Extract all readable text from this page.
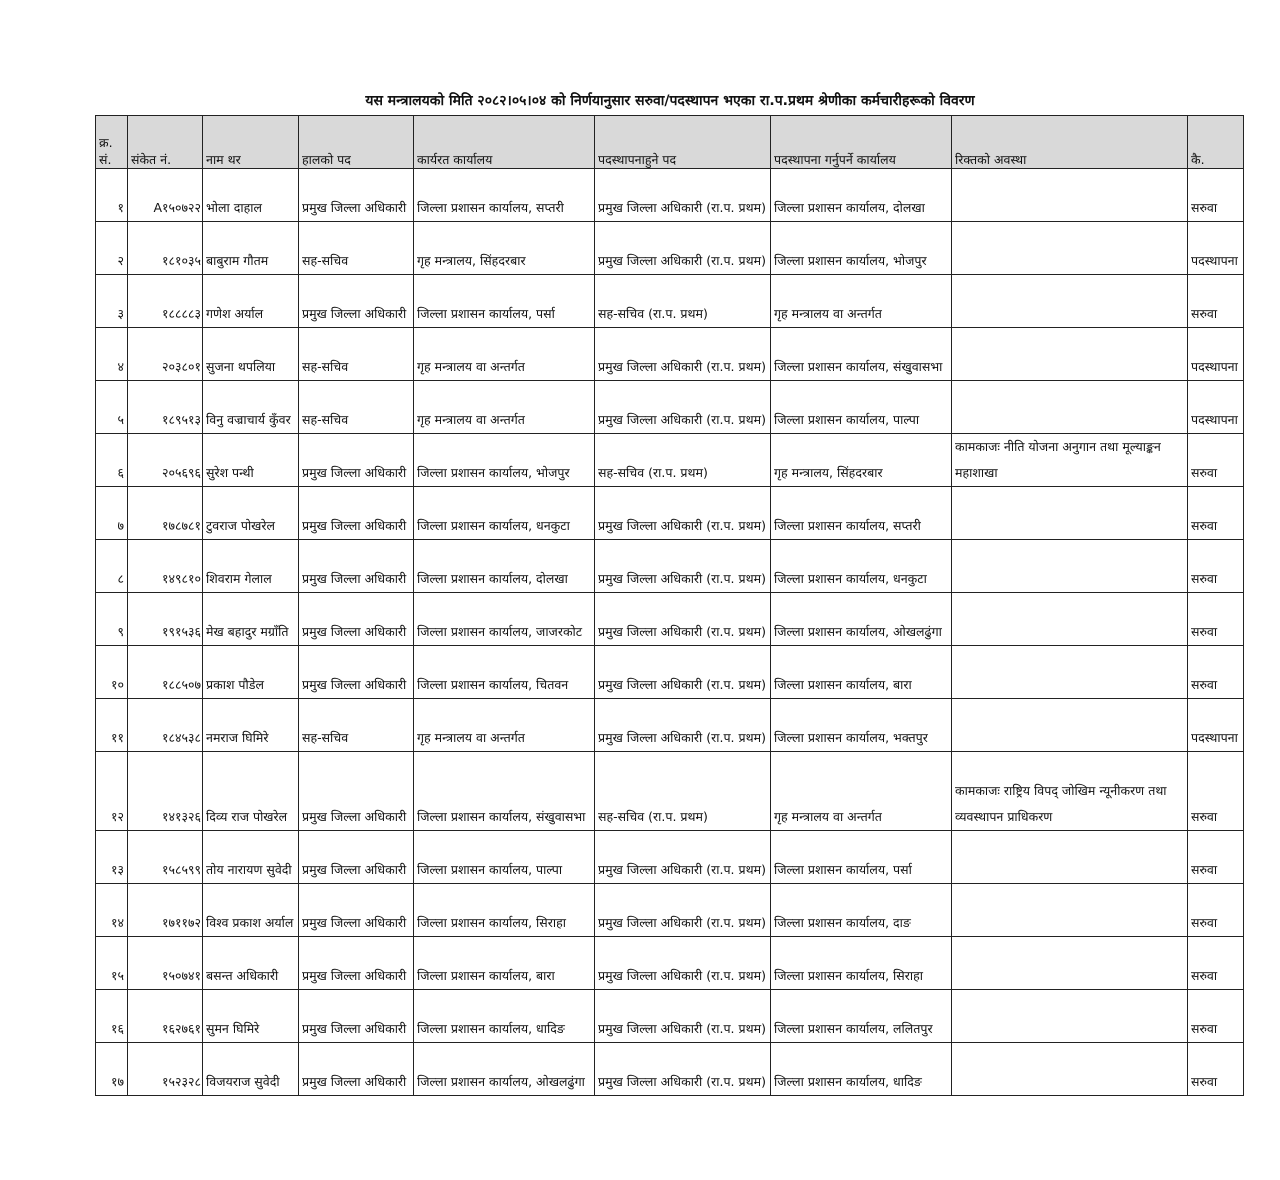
यस मन्त्रालयको मिति २०८२।०५।०४ को निर्णयानुसार सरुवा/पदस्थापन भएका रा.प.प्रथम श्रेणीका कर्मचारीहरूको विवरण
क्र. सं.	संकेत नं.	नाम थर	हालको पद	कार्यरत कार्यालय	पदस्थापनाहुने पद	पदस्थापना गर्नुपर्ने कार्यालय	रिक्तको अवस्था	कै.
१	A१५०७२२	भोला दाहाल	प्रमुख जिल्ला अधिकारी	जिल्ला प्रशासन कार्यालय, सप्तरी	प्रमुख जिल्ला अधिकारी (रा.प. प्रथम)	जिल्ला प्रशासन कार्यालय, दोलखा		सरुवा
२	१८१०३५	बाबुराम गौतम	सह-सचिव	गृह मन्त्रालय, सिंहदरबार	प्रमुख जिल्ला अधिकारी (रा.प. प्रथम)	जिल्ला प्रशासन कार्यालय, भोजपुर		पदस्थापना
३	१८८८८३	गणेश अर्याल	प्रमुख जिल्ला अधिकारी	जिल्ला प्रशासन कार्यालय, पर्सा	सह-सचिव (रा.प. प्रथम)	गृह मन्त्रालय वा अन्तर्गत		सरुवा
४	२०३८०१	सुजना थपलिया	सह-सचिव	गृह मन्त्रालय वा अन्तर्गत	प्रमुख जिल्ला अधिकारी (रा.प. प्रथम)	जिल्ला प्रशासन कार्यालय, संखुवासभा		पदस्थापना
५	१८९५१३	विनु वज्राचार्य कुँवर	सह-सचिव	गृह मन्त्रालय वा अन्तर्गत	प्रमुख जिल्ला अधिकारी (रा.प. प्रथम)	जिल्ला प्रशासन कार्यालय, पाल्पा		पदस्थापना
६	२०५६९६	सुरेश पन्थी	प्रमुख जिल्ला अधिकारी	जिल्ला प्रशासन कार्यालय, भोजपुर	सह-सचिव (रा.प. प्रथम)	गृह मन्त्रालय, सिंहदरबार	कामकाजः नीति योजना अनुगान तथा मूल्याङ्कन महाशाखा	सरुवा
७	१७८७८१	टुवराज पोखरेल	प्रमुख जिल्ला अधिकारी	जिल्ला प्रशासन कार्यालय, धनकुटा	प्रमुख जिल्ला अधिकारी (रा.प. प्रथम)	जिल्ला प्रशासन कार्यालय, सप्तरी		सरुवा
८	१४९८१०	शिवराम गेलाल	प्रमुख जिल्ला अधिकारी	जिल्ला प्रशासन कार्यालय, दोलखा	प्रमुख जिल्ला अधिकारी (रा.प. प्रथम)	जिल्ला प्रशासन कार्यालय, धनकुटा		सरुवा
९	१९१५३६	मेख बहादुर मग्राँति	प्रमुख जिल्ला अधिकारी	जिल्ला प्रशासन कार्यालय, जाजरकोट	प्रमुख जिल्ला अधिकारी (रा.प. प्रथम)	जिल्ला प्रशासन कार्यालय, ओखलढुंगा		सरुवा
१०	१८८५०७	प्रकाश पौडेल	प्रमुख जिल्ला अधिकारी	जिल्ला प्रशासन कार्यालय, चितवन	प्रमुख जिल्ला अधिकारी (रा.प. प्रथम)	जिल्ला प्रशासन कार्यालय, बारा		सरुवा
११	१८४५३८	नमराज घिमिरे	सह-सचिव	गृह मन्त्रालय वा अन्तर्गत	प्रमुख जिल्ला अधिकारी (रा.प. प्रथम)	जिल्ला प्रशासन कार्यालय, भक्तपुर		पदस्थापना
१२	१४१३२६	दिव्य राज पोखरेल	प्रमुख जिल्ला अधिकारी	जिल्ला प्रशासन कार्यालय, संखुवासभा	सह-सचिव (रा.प. प्रथम)	गृह मन्त्रालय वा अन्तर्गत	कामकाजः राष्ट्रिय विपद् जोखिम न्यूनीकरण तथा व्यवस्थापन प्राधिकरण	सरुवा
१३	१५८५९९	तोय नारायण सुवेदी	प्रमुख जिल्ला अधिकारी	जिल्ला प्रशासन कार्यालय, पाल्पा	प्रमुख जिल्ला अधिकारी (रा.प. प्रथम)	जिल्ला प्रशासन कार्यालय, पर्सा		सरुवा
१४	१७११७२	विश्व प्रकाश अर्याल	प्रमुख जिल्ला अधिकारी	जिल्ला प्रशासन कार्यालय, सिराहा	प्रमुख जिल्ला अधिकारी (रा.प. प्रथम)	जिल्ला प्रशासन कार्यालय, दाङ		सरुवा
१५	१५०७४१	बसन्त अधिकारी	प्रमुख जिल्ला अधिकारी	जिल्ला प्रशासन कार्यालय, बारा	प्रमुख जिल्ला अधिकारी (रा.प. प्रथम)	जिल्ला प्रशासन कार्यालय, सिराहा		सरुवा
१६	१६२७६१	सुमन घिमिरे	प्रमुख जिल्ला अधिकारी	जिल्ला प्रशासन कार्यालय, धादिङ	प्रमुख जिल्ला अधिकारी (रा.प. प्रथम)	जिल्ला प्रशासन कार्यालय, ललितपुर		सरुवा
१७	१५२३२८	विजयराज सुवेदी	प्रमुख जिल्ला अधिकारी	जिल्ला प्रशासन कार्यालय, ओखलढुंगा	प्रमुख जिल्ला अधिकारी (रा.प. प्रथम)	जिल्ला प्रशासन कार्यालय, धादिङ		सरुवा
